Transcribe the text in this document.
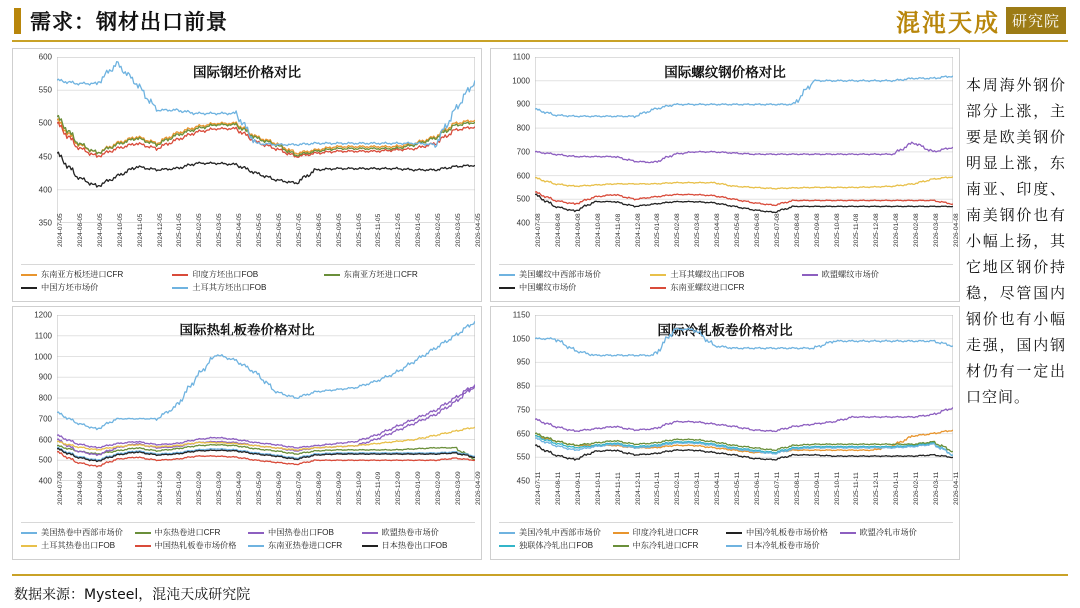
需求：钢材出口前景	混沌天成 研究院
国际钢坯价格对比
350
400
450
500
550
600
2024-07-05 2024-08-05 2024-09-05 2024-10-05 2024-11-05 2024-12-05 2025-01-05 2025-02-05 2025-03-05 2025-04-05 2025-05-05 2025-06-05 2025-07-05 2025-08-05 2025-09-05 2025-10-05 2025-11-05 2025-12-05 2026-01-05 2026-02-05 2026-03-05 2026-04-05
东南亚方板坯进口CFR	印度方坯出口FOB	东南亚方坯进口CFR
中国方坯市场价	土耳其方坯出口FOB
国际螺纹钢价格对比
400
500
600
700
800
900
1000
1100
2024-07-08 2024-08-08 2024-09-08 2024-10-08 2024-11-08 2024-12-08 2025-01-08 2025-02-08 2025-03-08 2025-04-08 2025-05-08 2025-06-08 2025-07-08 2025-08-08 2025-09-08 2025-10-08 2025-11-08 2025-12-08 2026-01-08 2026-02-08 2026-03-08 2026-04-08
美国螺纹中西部市场价	土耳其螺纹出口FOB	欧盟螺纹市场价
中国螺纹市场价	东南亚螺纹进口CFR
国际热轧板卷价格对比
400
500
600
700
800
900
1000
1100
1200
2024-07-09 2024-08-09 2024-09-09 2024-10-09 2024-11-09 2024-12-09 2025-01-09 2025-02-09 2025-03-09 2025-04-09 2025-05-09 2025-06-09 2025-07-09 2025-08-09 2025-09-09 2025-10-09 2025-11-09 2025-12-09 2026-01-09 2026-02-09 2026-03-09 2026-04-09
美国热卷中西部市场价	中东热卷进口CFR	中国热卷出口FOB	欧盟热卷市场价
土耳其热卷出口FOB	中国热轧板卷市场价格	东南亚热卷进口CFR	日本热卷出口FOB
国际冷轧板卷价格对比
450
550
650
750
850
950
1050
1150
2024-07-11 2024-08-11 2024-09-11 2024-10-11 2024-11-11 2024-12-11 2025-01-11 2025-02-11 2025-03-11 2025-04-11 2025-05-11 2025-06-11 2025-07-11 2025-08-11 2025-09-11 2025-10-11 2025-11-11 2025-12-11 2026-01-11 2026-02-11 2026-03-11 2026-04-11
美国冷轧中西部市场价	印度冷轧进口CFR	中国冷轧板卷市场价格	欧盟冷轧市场价
独联体冷轧出口FOB	中东冷轧进口CFR	日本冷轧板卷市场价
本周海外钢价部分上涨，主要是欧美钢价明显上涨，东南亚、印度、南美钢价也有小幅上扬，其它地区钢价持稳，尽管国内钢价也有小幅走强，国内钢材仍有一定出口空间。
数据来源：Mysteel，混沌天成研究院
